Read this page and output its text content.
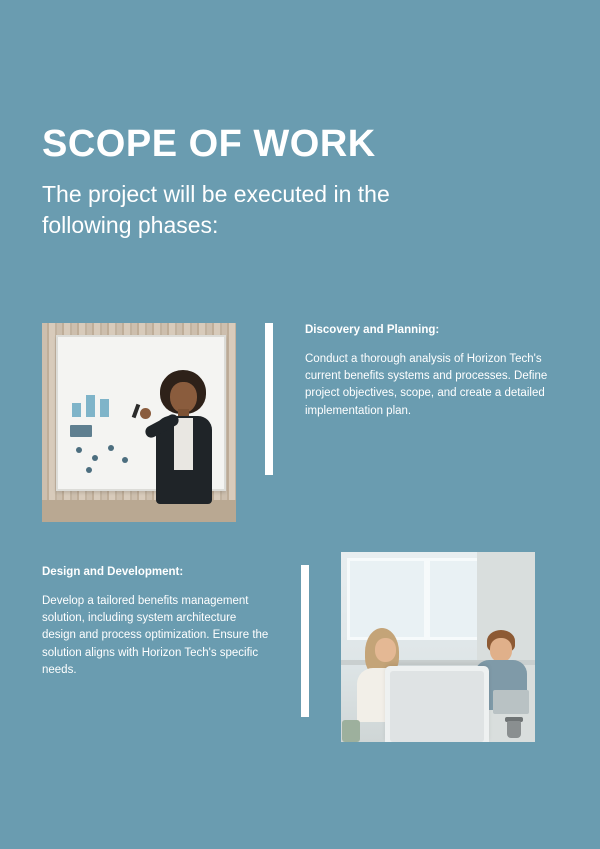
SCOPE OF WORK

The project will be executed in the following phases:

Discovery and Planning:

Conduct a thorough analysis of Horizon Tech's current benefits systems and processes. Define project objectives, scope, and create a detailed implementation plan.

Design and Development:

Develop a tailored benefits management solution, including system architecture design and process optimization. Ensure the solution aligns with Horizon Tech's specific needs.
